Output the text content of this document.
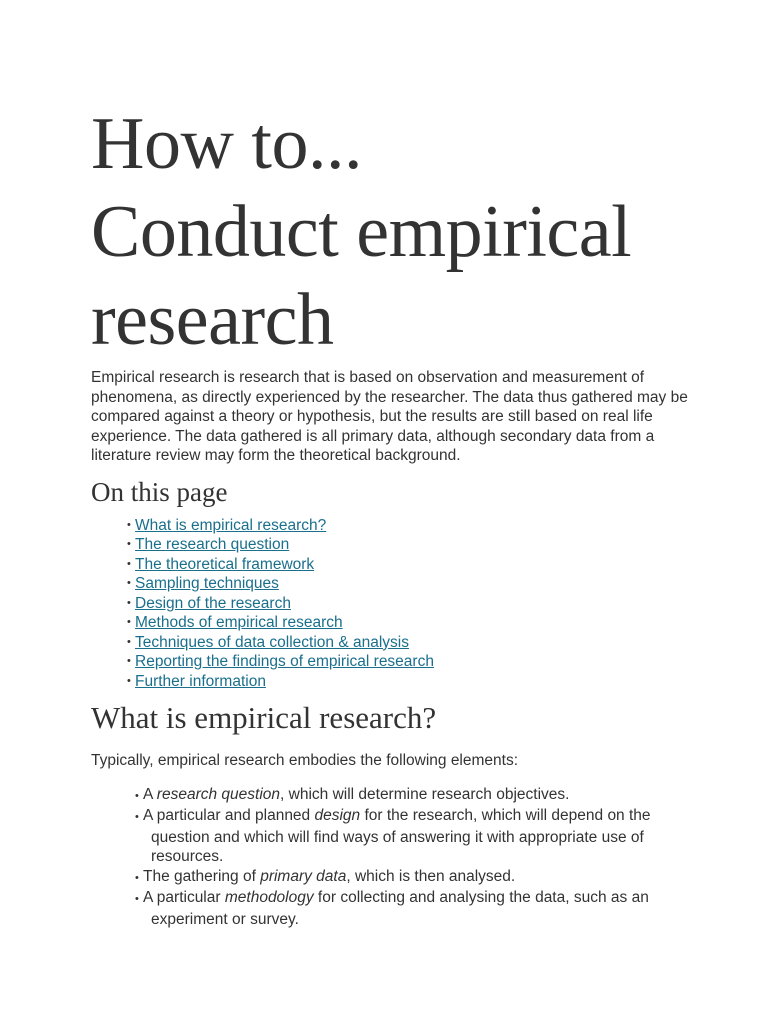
How to...
Conduct empirical
research

Empirical research is research that is based on observation and measurement of phenomena, as directly experienced by the researcher. The data thus gathered may be compared against a theory or hypothesis, but the results are still based on real life experience. The data gathered is all primary data, although secondary data from a literature review may form the theoretical background.

On this page
• What is empirical research?
• The research question
• The theoretical framework
• Sampling techniques
• Design of the research
• Methods of empirical research
• Techniques of data collection & analysis
• Reporting the findings of empirical research
• Further information
What is empirical research?

Typically, empirical research embodies the following elements:

• A research question, which will determine research objectives.
• A particular and planned design for the research, which will depend on the question and which will find ways of answering it with appropriate use of resources.
• The gathering of primary data, which is then analysed.
• A particular methodology for collecting and analysing the data, such as an experiment or survey.
